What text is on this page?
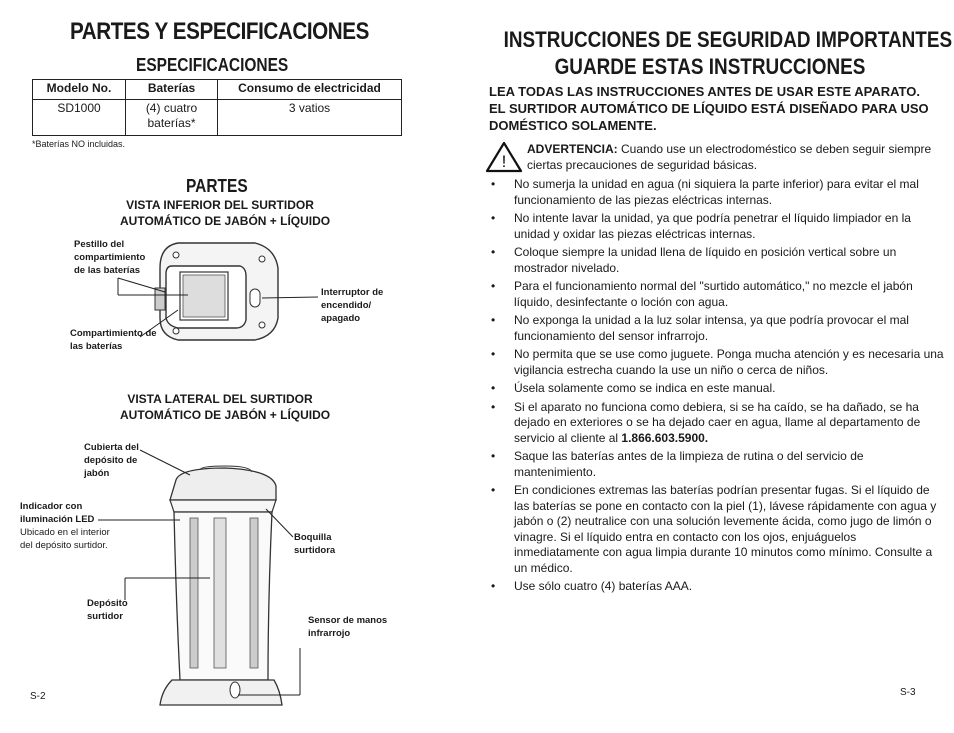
PARTES Y ESPECIFICACIONES
ESPECIFICACIONES
Modelo No.	Baterías	Consumo de electricidad
SD1000	(4) cuatro baterías*	3 vatios
*Baterías NO incluidas.
PARTES
VISTA INFERIOR DEL SURTIDOR
AUTOMÁTICO DE JABÓN + LÍQUIDO
Pestillo del compartimiento de las baterías
Compartimiento de las baterías
Interruptor de encendido/ apagado
VISTA LATERAL DEL SURTIDOR
AUTOMÁTICO DE JABÓN + LÍQUIDO
Cubierta del depósito de jabón
Indicador con iluminación LED
Ubicado en el interior del depósito surtidor.
Boquilla surtidora
Depósito surtidor	Sensor de manos infrarrojo
S-2
INSTRUCCIONES DE SEGURIDAD IMPORTANTES
GUARDE ESTAS INSTRUCCIONES
LEA TODAS LAS INSTRUCCIONES ANTES DE USAR ESTE APARATO.
EL SURTIDOR AUTOMÁTICO DE LÍQUIDO ESTÁ DISEÑADO PARA USO DOMÉSTICO SOLAMENTE.
!
ADVERTENCIA: Cuando use un electrodoméstico se deben seguir siempre ciertas precauciones de seguridad básicas.
• No sumerja la unidad en agua (ni siquiera la parte inferior) para evitar el mal funcionamiento de las piezas eléctricas internas.
• No intente lavar la unidad, ya que podría penetrar el líquido limpiador en la unidad y oxidar las piezas eléctricas internas.
• Coloque siempre la unidad llena de líquido en posición vertical sobre un mostrador nivelado.
• Para el funcionamiento normal del "surtido automático," no mezcle el jabón líquido, desinfectante o loción con agua.
• No exponga la unidad a la luz solar intensa, ya que podría provocar el mal funcionamiento del sensor infrarrojo.
• No permita que se use como juguete. Ponga mucha atención y es necesaria una vigilancia estrecha cuando la use un niño o cerca de niños.
• Úsela solamente como se indica en este manual.
• Si el aparato no funciona como debiera, si se ha caído, se ha dañado, se ha dejado en exteriores o se ha dejado caer en agua, llame al departamento de servicio al cliente al 1.866.603.5900.
• Saque las baterías antes de la limpieza de rutina o del servicio de mantenimiento.
• En condiciones extremas las baterías podrían presentar fugas. Si el líquido de las baterías se pone en contacto con la piel (1), lávese rápidamente con agua y jabón o (2) neutralice con una solución levemente ácida, como jugo de limón o vinagre. Si el líquido entra en contacto con los ojos, enjuáguelos inmediatamente con agua limpia durante 10 minutos como mínimo. Consulte a un médico.
• Use sólo cuatro (4) baterías AAA.
S-3
